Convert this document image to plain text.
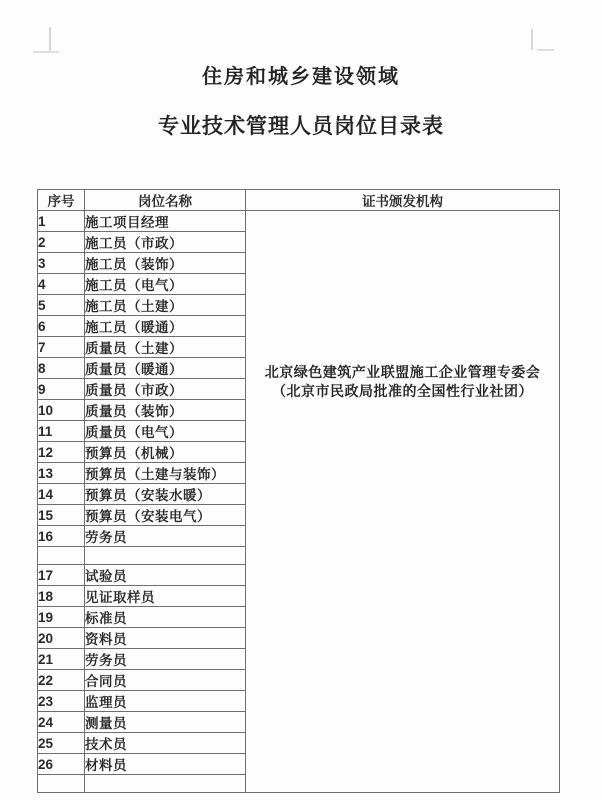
住房和城乡建设领域
专业技术管理人员岗位目录表
序号	岗位名称	证书颁发机构
1	施工项目经理	北京绿色建筑产业联盟施工企业管理专委会
（北京市民政局批准的全国性行业社团）

2	施工员（市政）	
3	施工员（装饰）	
4	施工员（电气）	
5	施工员（土建）	
6	施工员（暖通）	
7	质量员（土建）	
8	质量员（暖通）	
9	质量员（市政）	
10	质量员（装饰）	
11	质量员（电气）	
12	预算员（机械）	
13	预算员（土建与装饰）	
14	预算员（安装水暖）	
15	预算员（安装电气）	
16	劳务员	

17	试验员	
18	见证取样员	
19	标准员	
20	资料员	
21	劳务员	
22	合同员	
23	监理员	
24	测量员	
25	技术员	
26	材料员	
